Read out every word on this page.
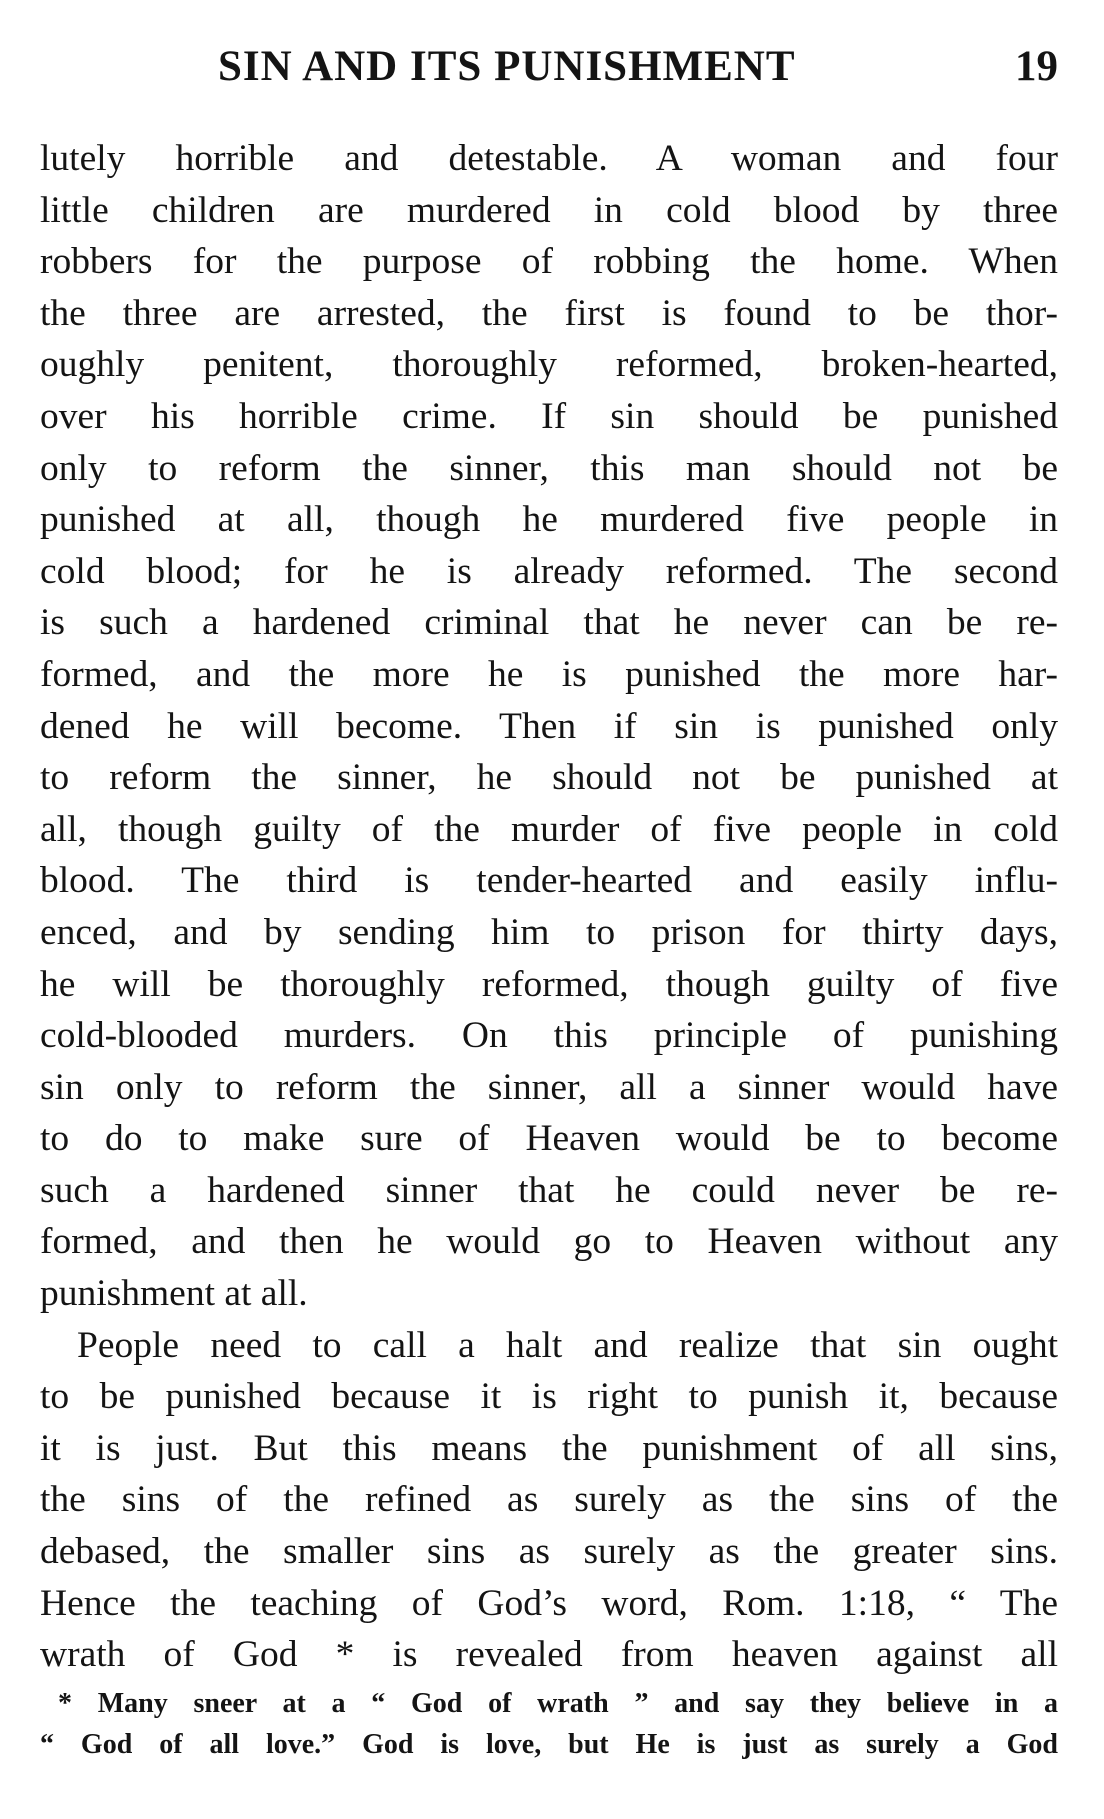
SIN AND ITS PUNISHMENT	19
lutely horrible and detestable. A woman and four
little children are murdered in cold blood by three
robbers for the purpose of robbing the home. When
the three are arrested, the first is found to be thor-
oughly penitent, thoroughly reformed, broken-hearted,
over his horrible crime. If sin should be punished
only to reform the sinner, this man should not be
punished at all, though he murdered five people in
cold blood; for he is already reformed. The second
is such a hardened criminal that he never can be re-
formed, and the more he is punished the more har-
dened he will become. Then if sin is punished only
to reform the sinner, he should not be punished at
all, though guilty of the murder of five people in cold
blood. The third is tender-hearted and easily influ-
enced, and by sending him to prison for thirty days,
he will be thoroughly reformed, though guilty of five
cold-blooded murders. On this principle of punishing
sin only to reform the sinner, all a sinner would have
to do to make sure of Heaven would be to become
such a hardened sinner that he could never be re-
formed, and then he would go to Heaven without any
punishment at all.
People need to call a halt and realize that sin ought
to be punished because it is right to punish it, because
it is just. But this means the punishment of all sins,
the sins of the refined as surely as the sins of the
debased, the smaller sins as surely as the greater sins.
Hence the teaching of God’s word, Rom. 1:18, “ The
wrath of God * is revealed from heaven against all
* Many sneer at a “ God of wrath ” and say they believe in a
“ God of all love.” God is love, but He is just as surely a God
